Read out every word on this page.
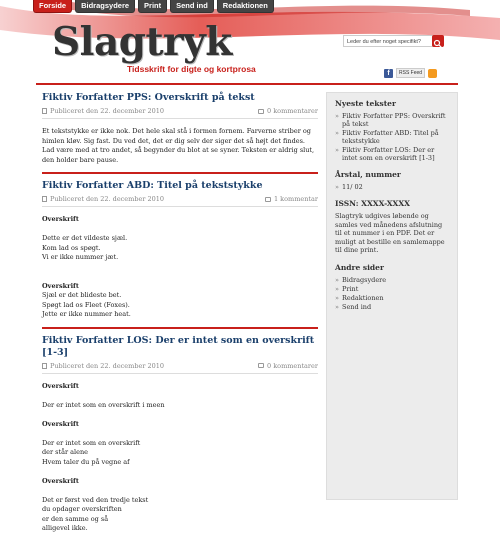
Forside	Bidragsydere	Print	Send ind	Redaktionen
Slagtryk
Tidsskrift for digte og kortprosa
Leder du efter noget specifikt?
f	RSS Feed
Fiktiv Forfatter PPS: Overskrift på tekst
Publiceret den 22. december 2010	0 kommentarer

Et tekststykke er ikke nok. Det hele skal stå i formen fornem. Farverne striber og himlen kløv. Sig fast. Du ved det, det er dig selv der siger det så højt det findes. Lad være med at tro andet, så begynder du blot at se syner. Teksten er aldrig slut, den holder bare pause.

Fiktiv Forfatter ABD: Titel på tekststykke
Publiceret den 22. december 2010	1 kommentar
Overskrift

Dette er det vildeste sjæl.
Kom lad os spøgt.
Vi er ikke nummer jæt.

Overskrift
Sjæl er det blideste bet.
Spøgt lad os Fleet (Foxes).
Jette er ikke nummer heat.
Fiktiv Forfatter LOS: Der er intet som en overskrift [1-3]
Publiceret den 22. december 2010	0 kommentarer
Overskrift

Der er intet som en overskrift i meen

Overskrift

Der er intet som en overskrift
der står alene
Hvem taler du på vegne af

Overskrift

Det er først ved den tredje tekst
du opdager overskriften
er den samme og så
alligevel ikke.
Nyeste tekster
» Fiktiv Forfatter PPS: Overskrift på tekst
» Fiktiv Forfatter ABD: Titel på tekststykke
» Fiktiv Forfatter LOS: Der er intet som en overskrift [1-3]
Årstal, nummer
» 11/ 02
ISSN: XXXX-XXXX

Slagtryk udgives løbende og samles ved månedens afslutning til et nummer i en PDF. Det er muligt at bestille en samlemappe til dine print.

Andre sider
» Bidragsydere
» Print
» Redaktionen
» Send ind
